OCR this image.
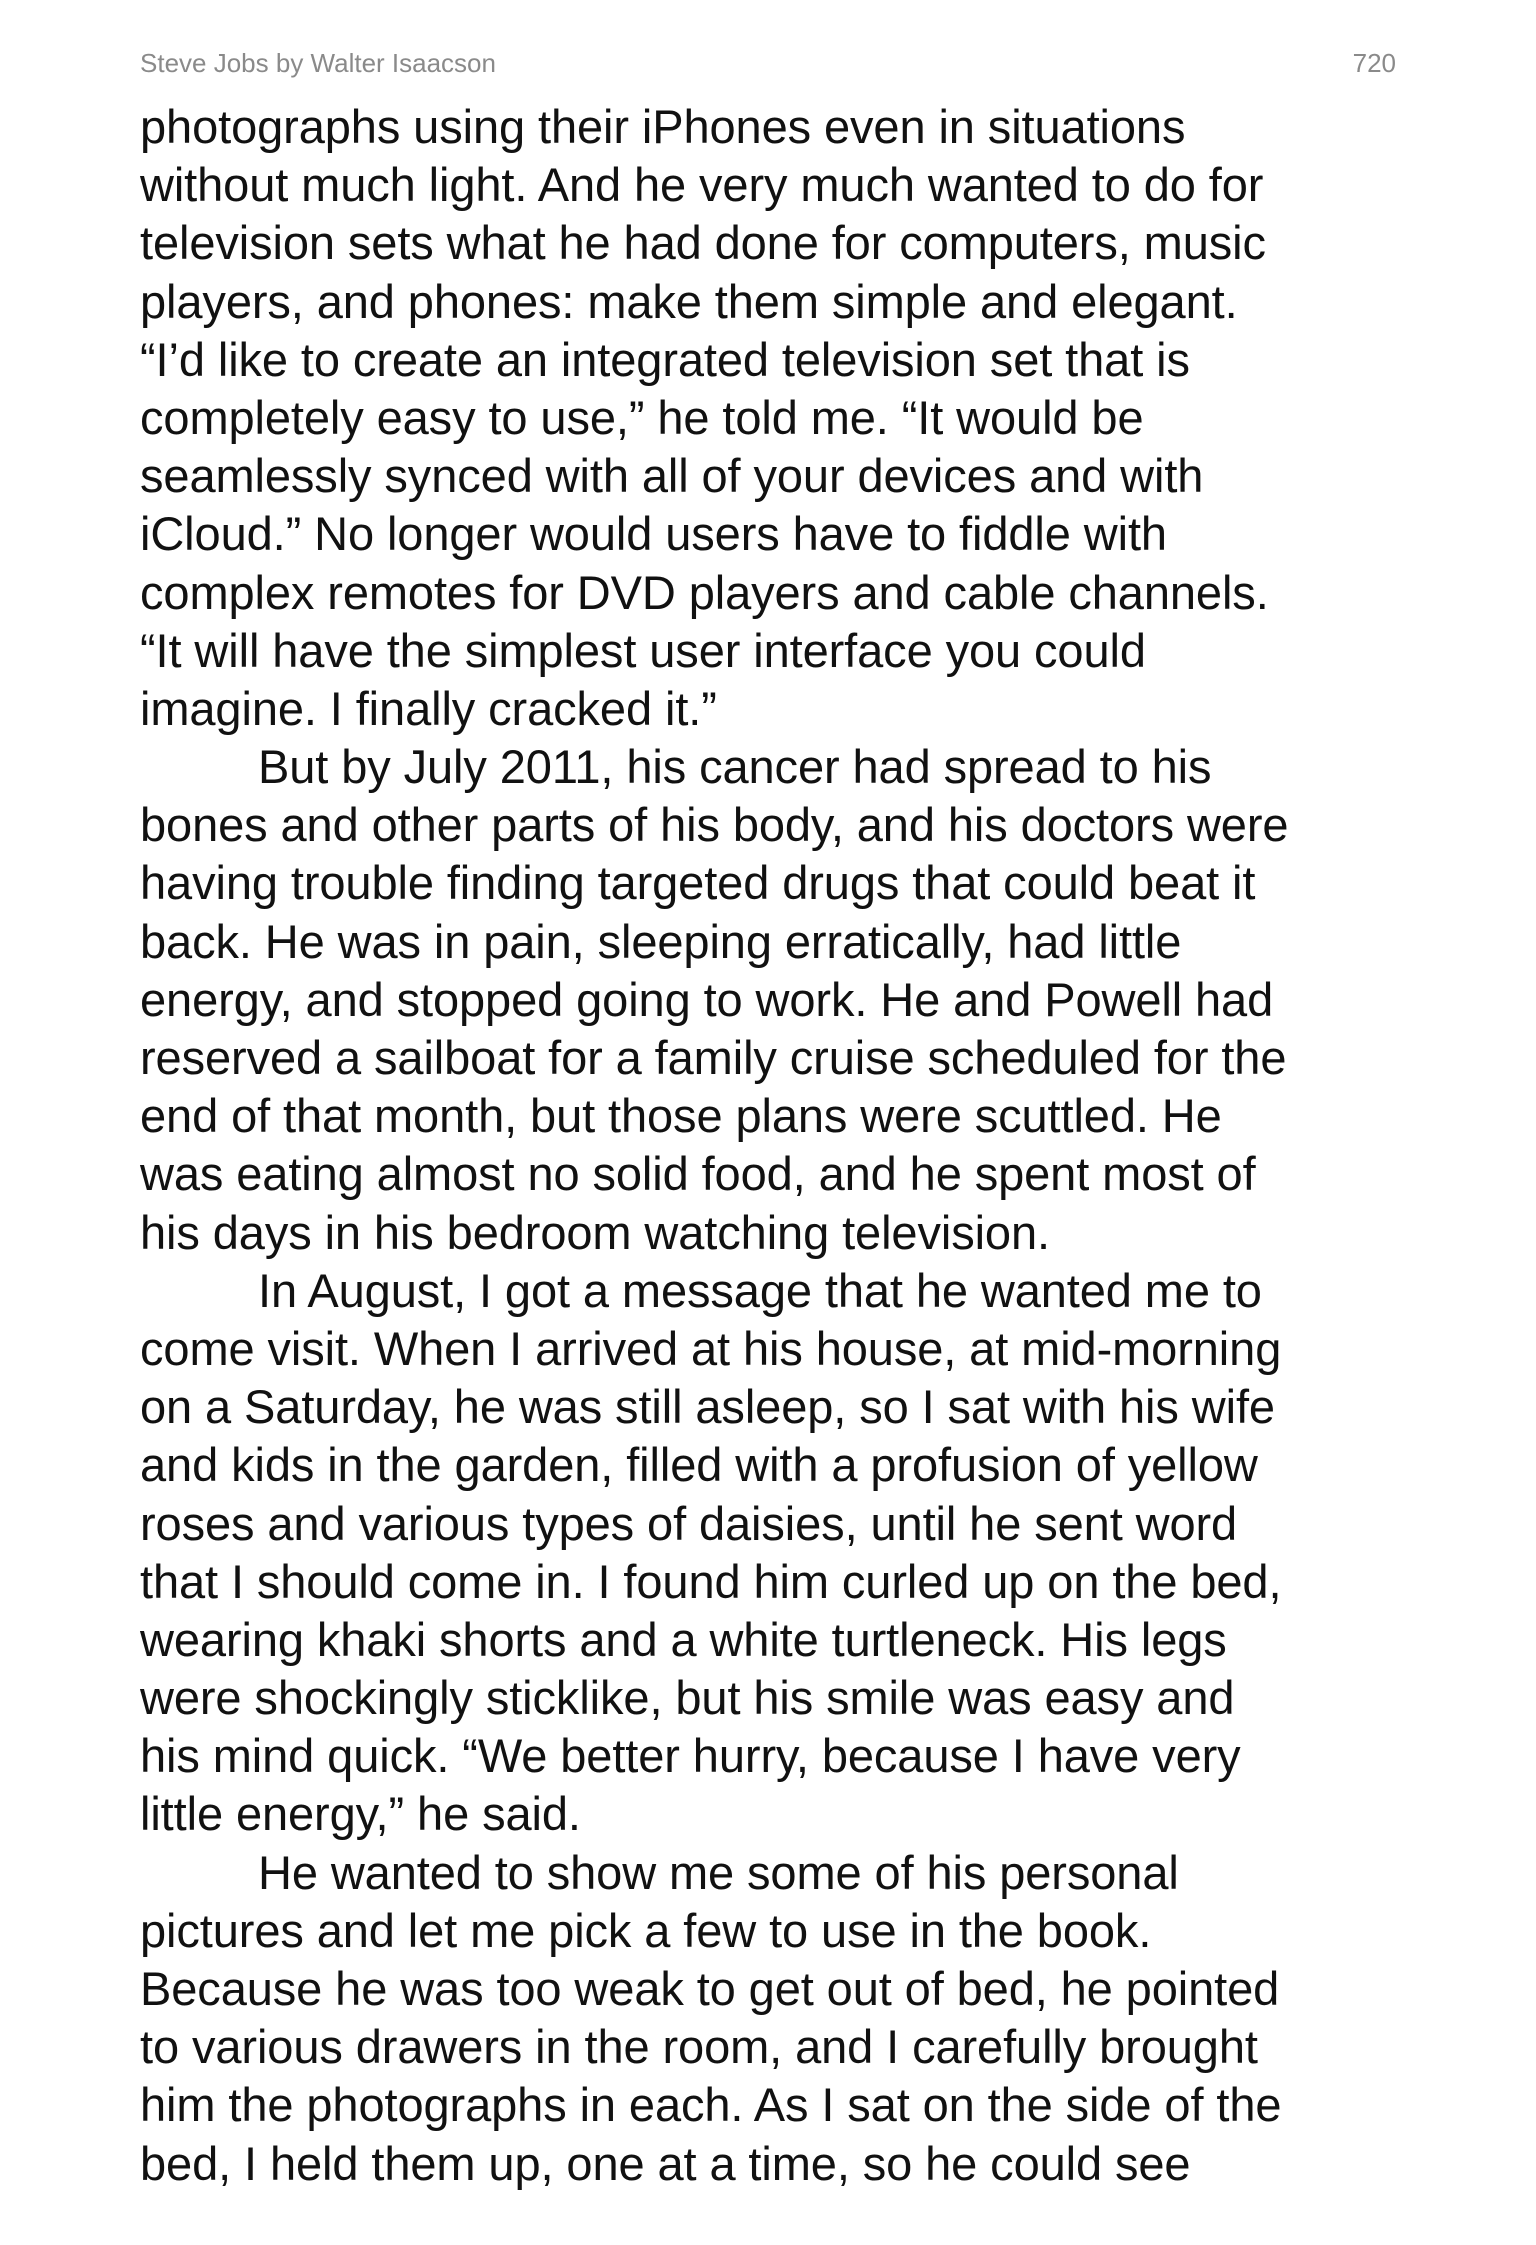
Steve Jobs by Walter Isaacson	720
photographs using their iPhones even in situations
without much light. And he very much wanted to do for
television sets what he had done for computers, music
players, and phones: make them simple and elegant.
“I’d like to create an integrated television set that is
completely easy to use,” he told me. “It would be
seamlessly synced with all of your devices and with
iCloud.” No longer would users have to fiddle with
complex remotes for DVD players and cable channels.
“It will have the simplest user interface you could
imagine. I finally cracked it.”
But by July 2011, his cancer had spread to his
bones and other parts of his body, and his doctors were
having trouble finding targeted drugs that could beat it
back. He was in pain, sleeping erratically, had little
energy, and stopped going to work. He and Powell had
reserved a sailboat for a family cruise scheduled for the
end of that month, but those plans were scuttled. He
was eating almost no solid food, and he spent most of
his days in his bedroom watching television.
In August, I got a message that he wanted me to
come visit. When I arrived at his house, at mid-morning
on a Saturday, he was still asleep, so I sat with his wife
and kids in the garden, filled with a profusion of yellow
roses and various types of daisies, until he sent word
that I should come in. I found him curled up on the bed,
wearing khaki shorts and a white turtleneck. His legs
were shockingly sticklike, but his smile was easy and
his mind quick. “We better hurry, because I have very
little energy,” he said.
He wanted to show me some of his personal
pictures and let me pick a few to use in the book.
Because he was too weak to get out of bed, he pointed
to various drawers in the room, and I carefully brought
him the photographs in each. As I sat on the side of the
bed, I held them up, one at a time, so he could see
